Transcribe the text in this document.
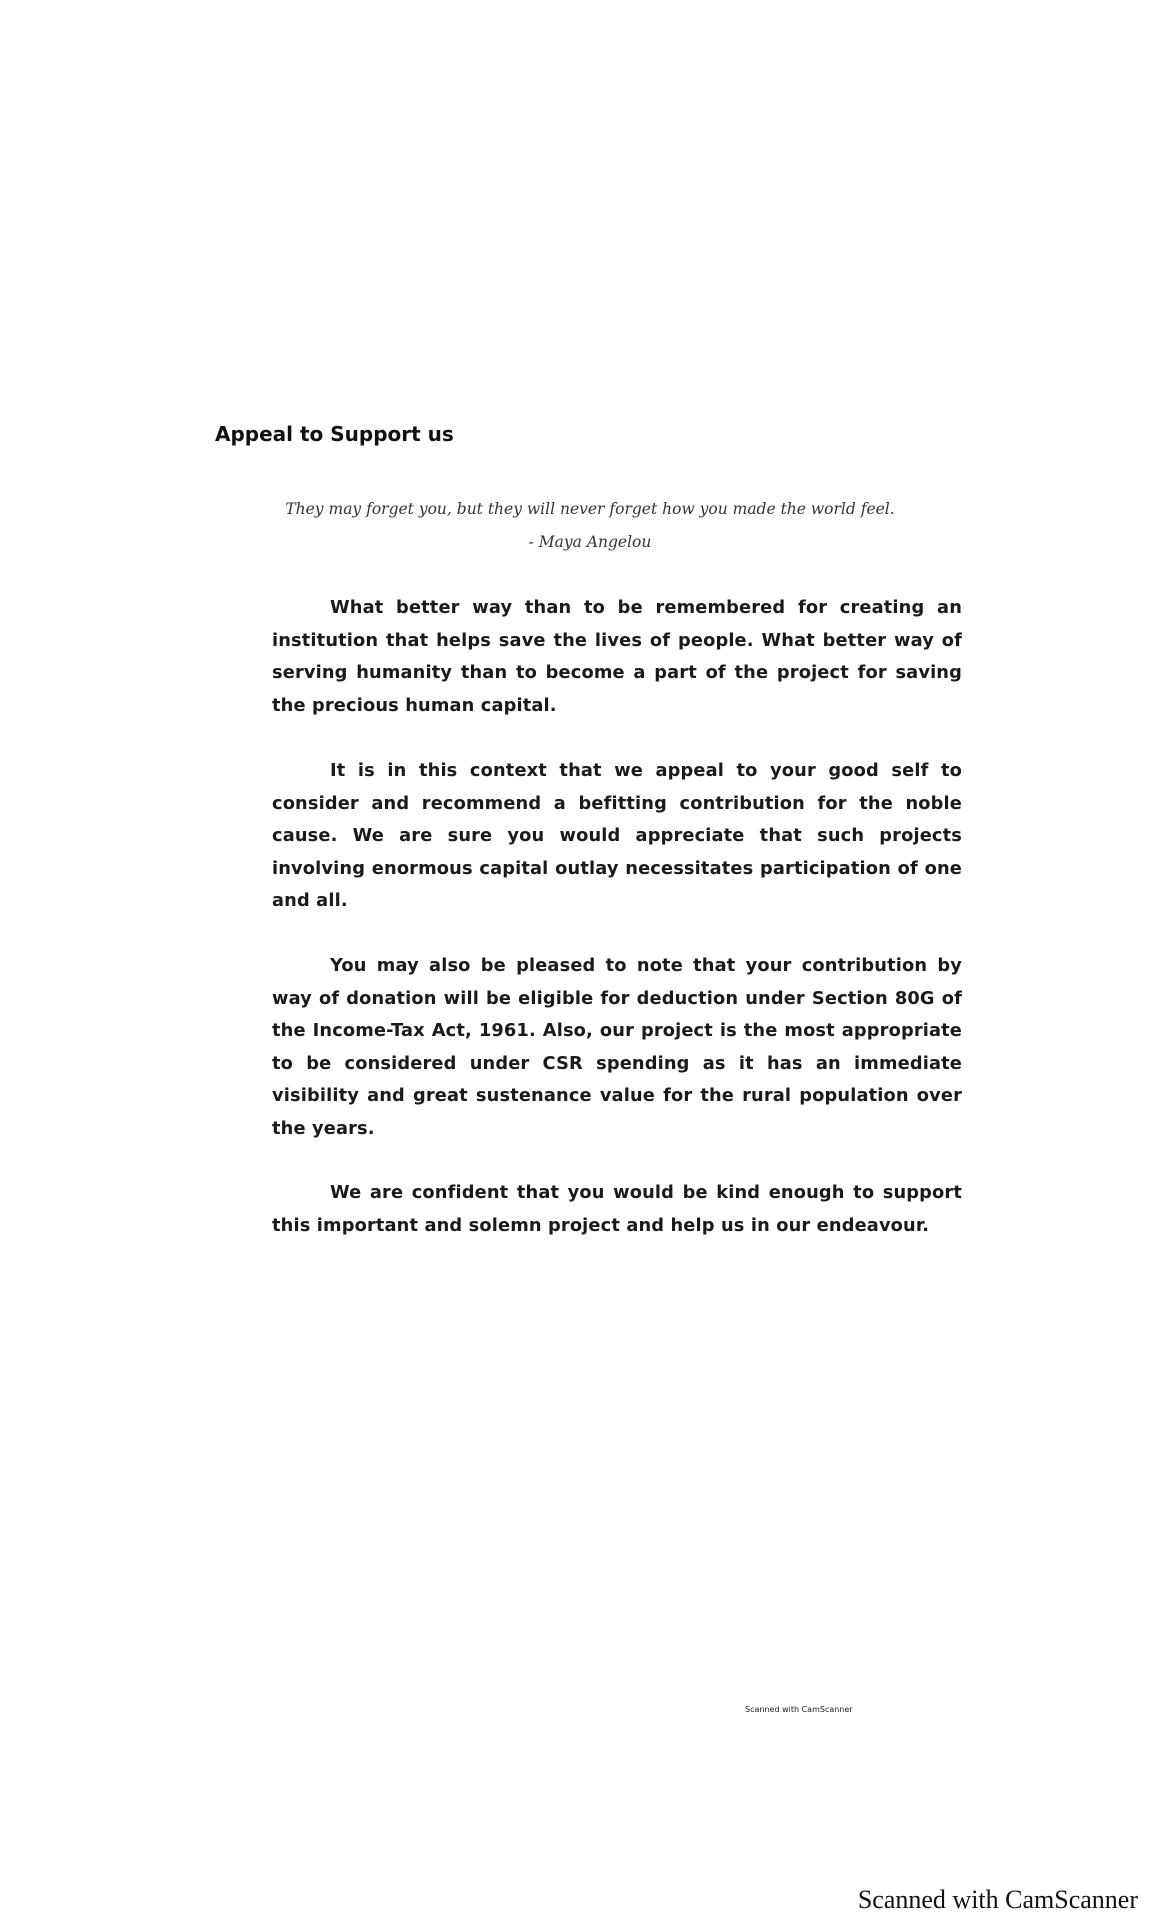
Appeal to Support us

They may forget you, but they will never forget how you made the world feel.

- Maya Angelou

What better way than to be remembered for creating an institution that helps save the lives of people. What better way of serving humanity than to become a part of the project for saving the precious human capital.

It is in this context that we appeal to your good self to consider and recommend a befitting contribution for the noble cause. We are sure you would appreciate that such projects involving enormous capital outlay necessitates participation of one and all.

You may also be pleased to note that your contribution by way of donation will be eligible for deduction under Section 80G of the Income-Tax Act, 1961. Also, our project is the most appropriate to be considered under CSR spending as it has an immediate visibility and great sustenance value for the rural population over the years.

We are confident that you would be kind enough to support this important and solemn project and help us in our endeavour.

Scanned with CamScanner

Scanned with CamScanner
